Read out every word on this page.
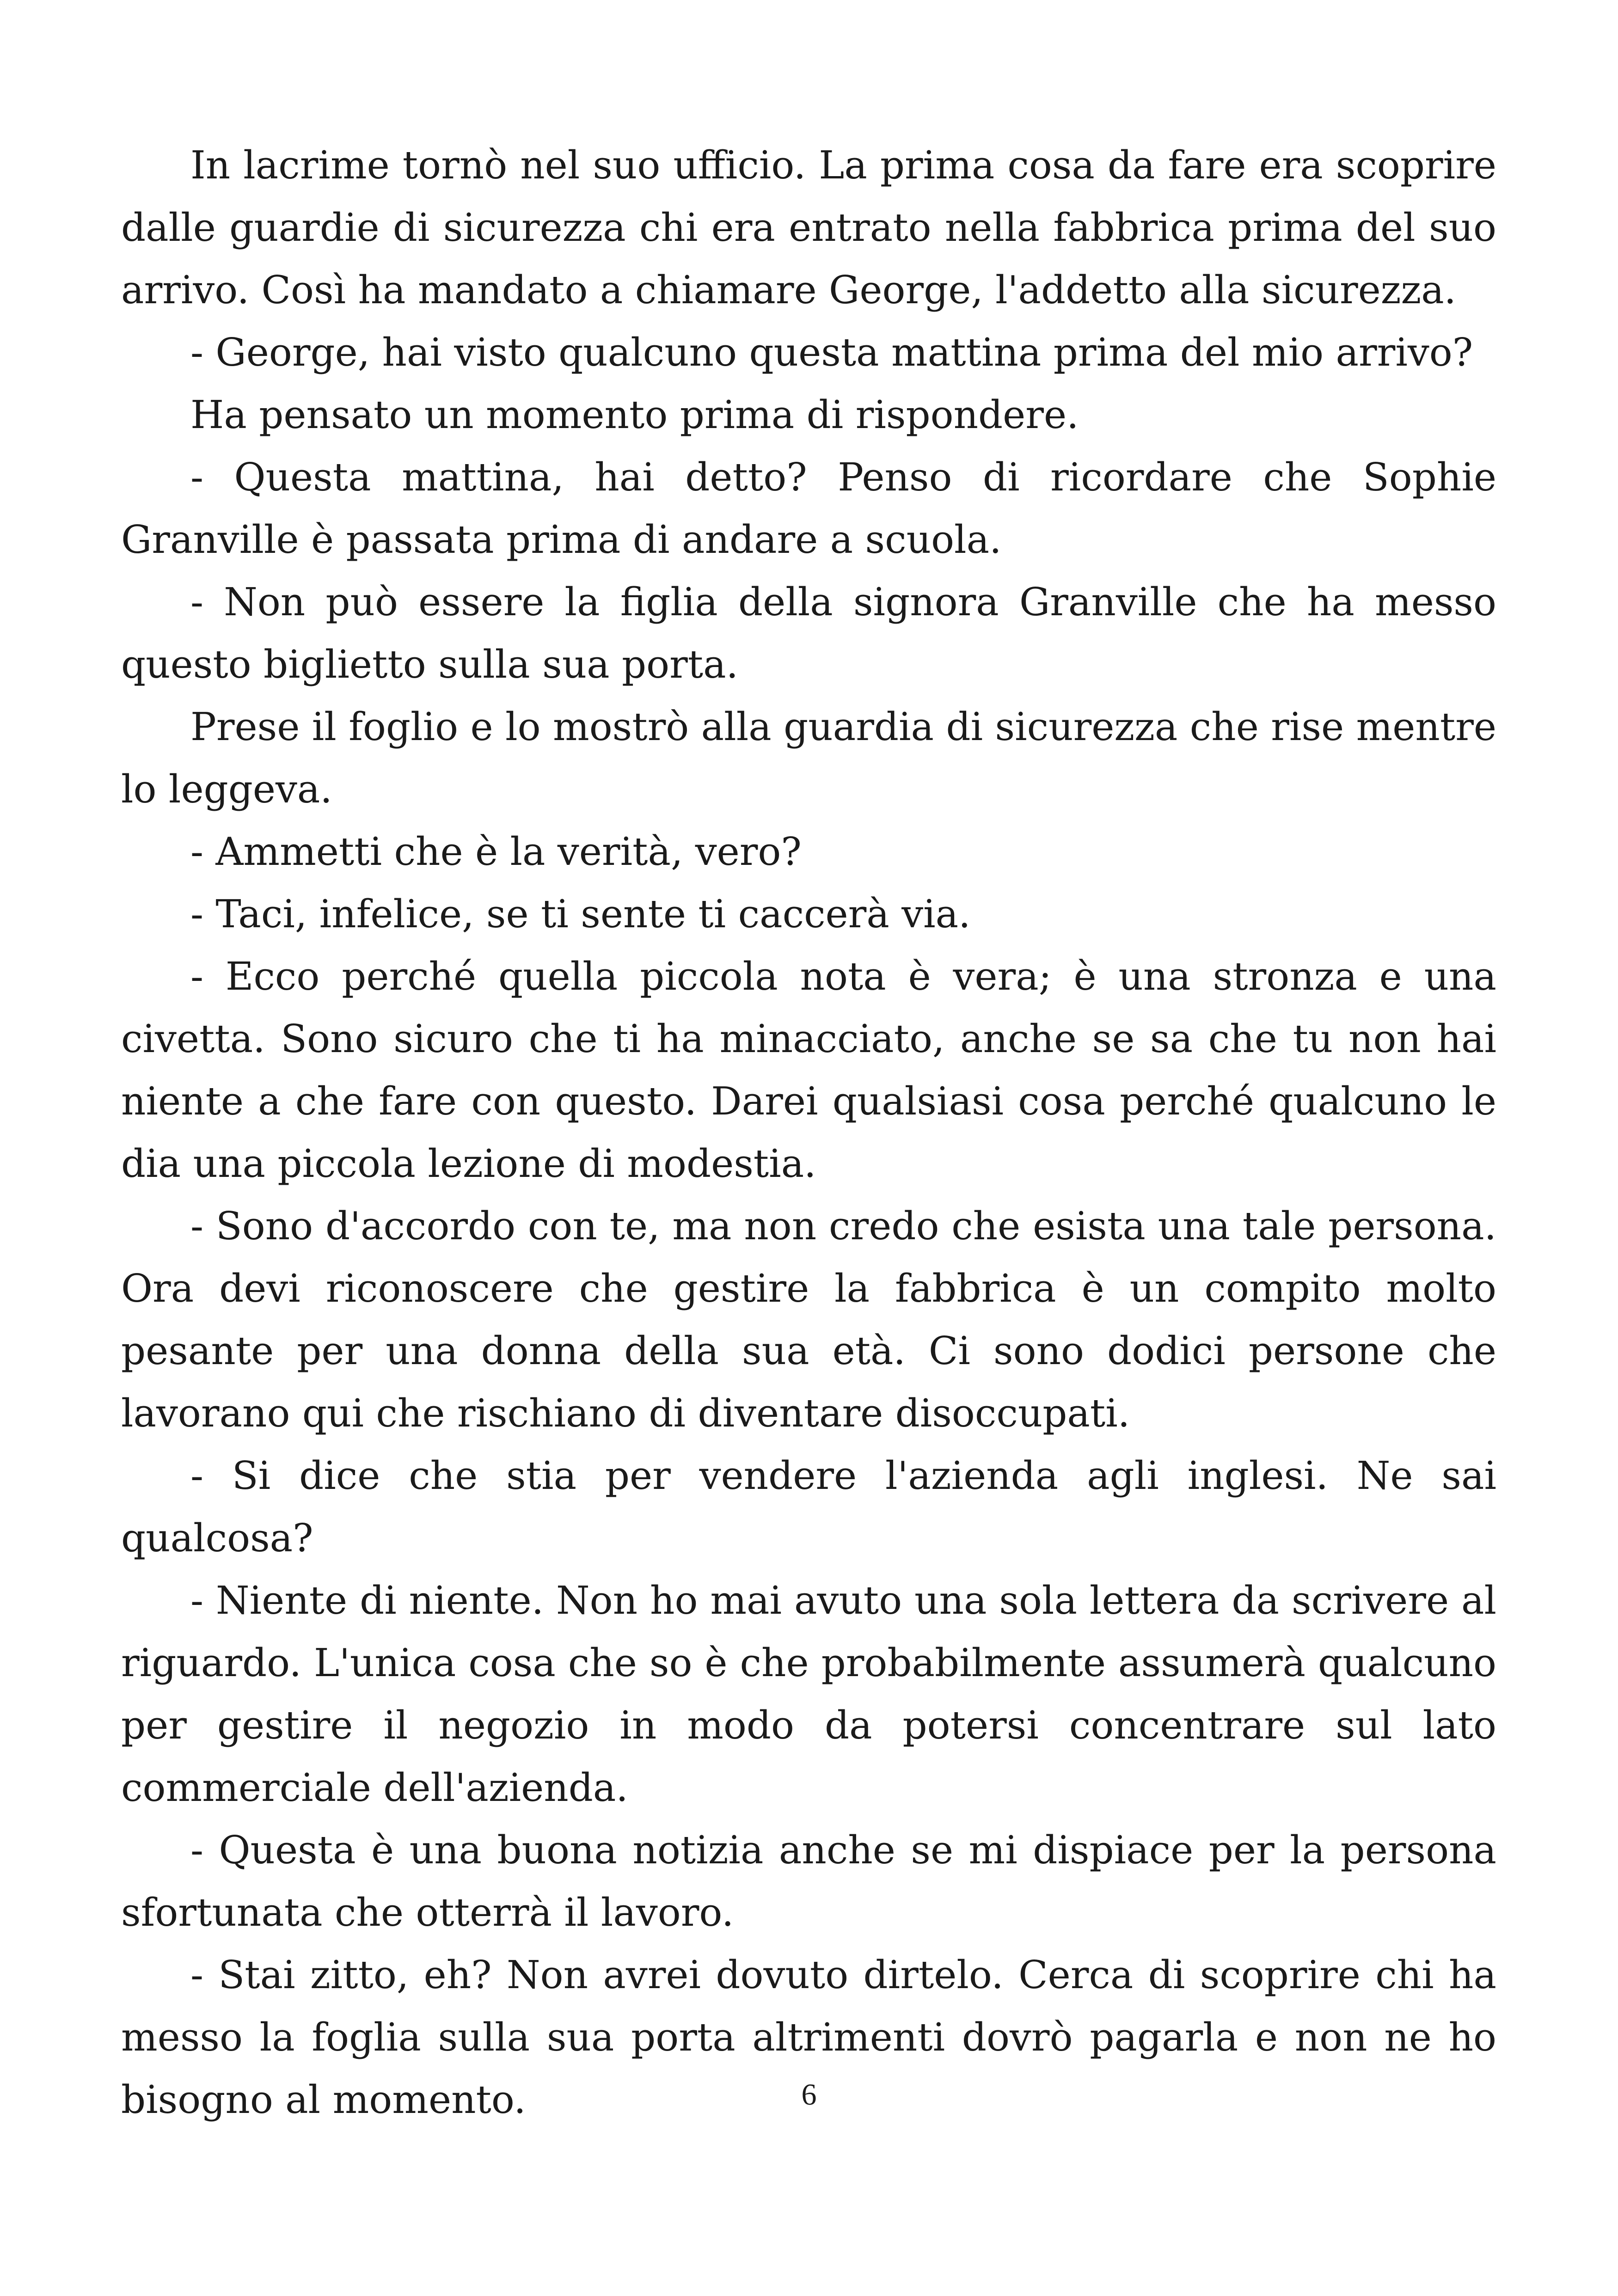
In lacrime tornò nel suo ufficio. La prima cosa da fare era scoprire dalle guardie di sicurezza chi era entrato nella fabbrica prima del suo arrivo. Così ha mandato a chiamare George, l'addetto alla sicurezza.

- George, hai visto qualcuno questa mattina prima del mio arrivo?

Ha pensato un momento prima di rispondere.

- Questa mattina, hai detto? Penso di ricordare che Sophie Granville è passata prima di andare a scuola.

- Non può essere la figlia della signora Granville che ha messo questo biglietto sulla sua porta.

Prese il foglio e lo mostrò alla guardia di sicurezza che rise mentre lo leggeva.

- Ammetti che è la verità, vero?

- Taci, infelice, se ti sente ti caccerà via.

- Ecco perché quella piccola nota è vera; è una stronza e una civetta. Sono sicuro che ti ha minacciato, anche se sa che tu non hai niente a che fare con questo. Darei qualsiasi cosa perché qualcuno le dia una piccola lezione di modestia.

- Sono d'accordo con te, ma non credo che esista una tale persona. Ora devi riconoscere che gestire la fabbrica è un compito molto pesante per una donna della sua età. Ci sono dodici persone che lavorano qui che rischiano di diventare disoccupati.

- Si dice che stia per vendere l'azienda agli inglesi. Ne sai qualcosa?

- Niente di niente. Non ho mai avuto una sola lettera da scrivere al riguardo. L'unica cosa che so è che probabilmente assumerà qualcuno per gestire il negozio in modo da potersi concentrare sul lato commerciale dell'azienda.

- Questa è una buona notizia anche se mi dispiace per la persona sfortunata che otterrà il lavoro.

- Stai zitto, eh? Non avrei dovuto dirtelo. Cerca di scoprire chi ha messo la foglia sulla sua porta altrimenti dovrò pagarla e non ne ho bisogno al momento.	6
